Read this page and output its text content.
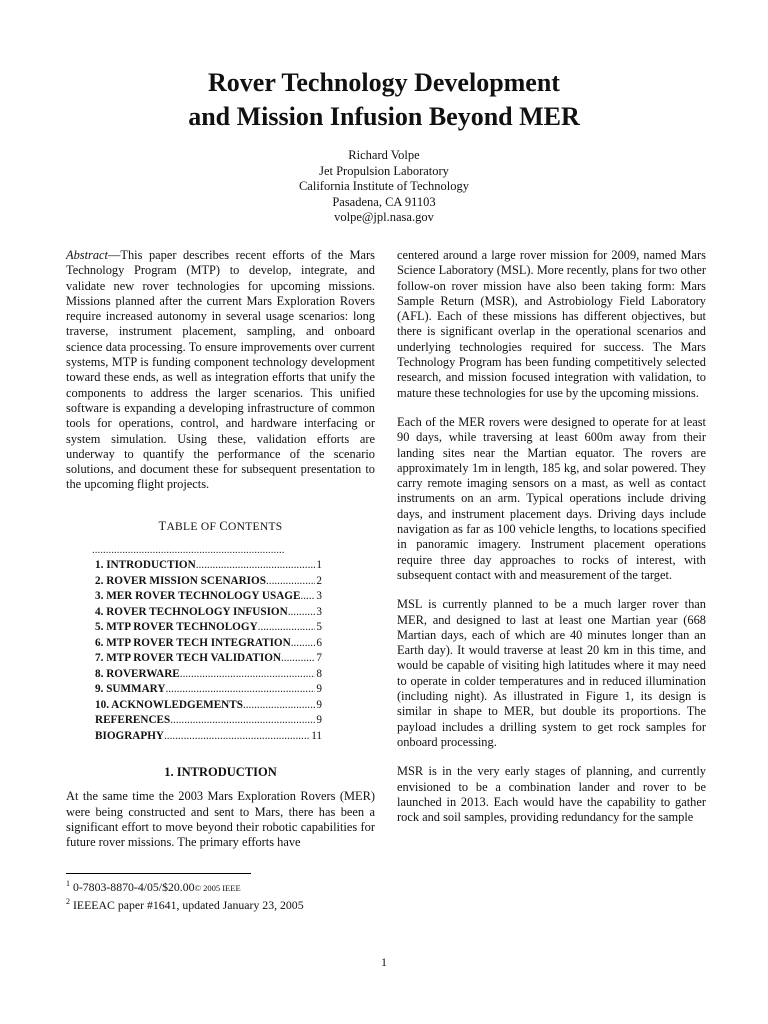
Rover Technology Development
and Mission Infusion Beyond MER
Richard Volpe
Jet Propulsion Laboratory
California Institute of Technology
Pasadena, CA 91103
volpe@jpl.nasa.gov

Abstract—This paper describes recent efforts of the Mars Technology Program (MTP) to develop, integrate, and validate new rover technologies for upcoming missions. Missions planned after the current Mars Exploration Rovers require increased autonomy in several usage scenarios: long traverse, instrument placement, sampling, and onboard science data processing. To ensure improvements over current systems, MTP is funding component technology development toward these ends, as well as integration efforts that unify the components to address the larger scenarios. This unified software is expanding a developing infrastructure of common tools for operations, control, and hardware interfacing or system simulation. Using these, validation efforts are underway to quantify the performance of the scenario solutions, and document these for subsequent presentation to the upcoming flight projects.

TABLE OF CONTENTS
......................................................................
1. INTRODUCTION .....	1
2. ROVER MISSION SCENARIOS .....	2
3. MER ROVER TECHNOLOGY USAGE ..... 3
4. ROVER TECHNOLOGY INFUSION .....	3
5. MTP ROVER TECHNOLOGY .....	5
6. MTP ROVER TECH INTEGRATION ..... 6
7. MTP ROVER TECH VALIDATION .....	7
8. ROVERWARE .....	8
9. SUMMARY .....	9
10. ACKNOWLEDGEMENTS .....	9
REFERENCES .....	9
BIOGRAPHY .....	11
1. INTRODUCTION

At the same time the 2003 Mars Exploration Rovers (MER) were being constructed and sent to Mars, there has been a significant effort to move beyond their robotic capabilities for future rover missions. The primary efforts have

centered around a large rover mission for 2009, named Mars Science Laboratory (MSL). More recently, plans for two other follow-on rover mission have also been taking form: Mars Sample Return (MSR), and Astrobiology Field Laboratory (AFL). Each of these missions has different objectives, but there is significant overlap in the operational scenarios and underlying technologies required for success. The Mars Technology Program has been funding competitively selected research, and mission focused integration with validation, to mature these technologies for use by the upcoming missions.

Each of the MER rovers were designed to operate for at least 90 days, while traversing at least 600m away from their landing sites near the Martian equator. The rovers are approximately 1m in length, 185 kg, and solar powered. They carry remote imaging sensors on a mast, as well as contact instruments on an arm. Typical operations include driving days, and instrument placement days. Driving days include navigation as far as 100 vehicle lengths, to locations specified in panoramic imagery. Instrument placement operations require three day approaches to rocks of interest, with subsequent contact with and measurement of the target.

MSL is currently planned to be a much larger rover than MER, and designed to last at least one Martian year (668 Martian days, each of which are 40 minutes longer than an Earth day). It would traverse at least 20 km in this time, and would be capable of visiting high latitudes where it may need to operate in colder temperatures and in reduced illumination (including night). As illustrated in Figure 1, its design is similar in shape to MER, but double its proportions. The payload includes a drilling system to get rock samples for onboard processing.

MSR is in the very early stages of planning, and currently envisioned to be a combination lander and rover to be launched in 2013. Each would have the capability to gather rock and soil samples, providing redundancy for the sample

$^1$ 0-7803-8870-4/05/$20.00© 2005 IEEE
$^2$ IEEEAC paper #1641, updated January 23, 2005
1
